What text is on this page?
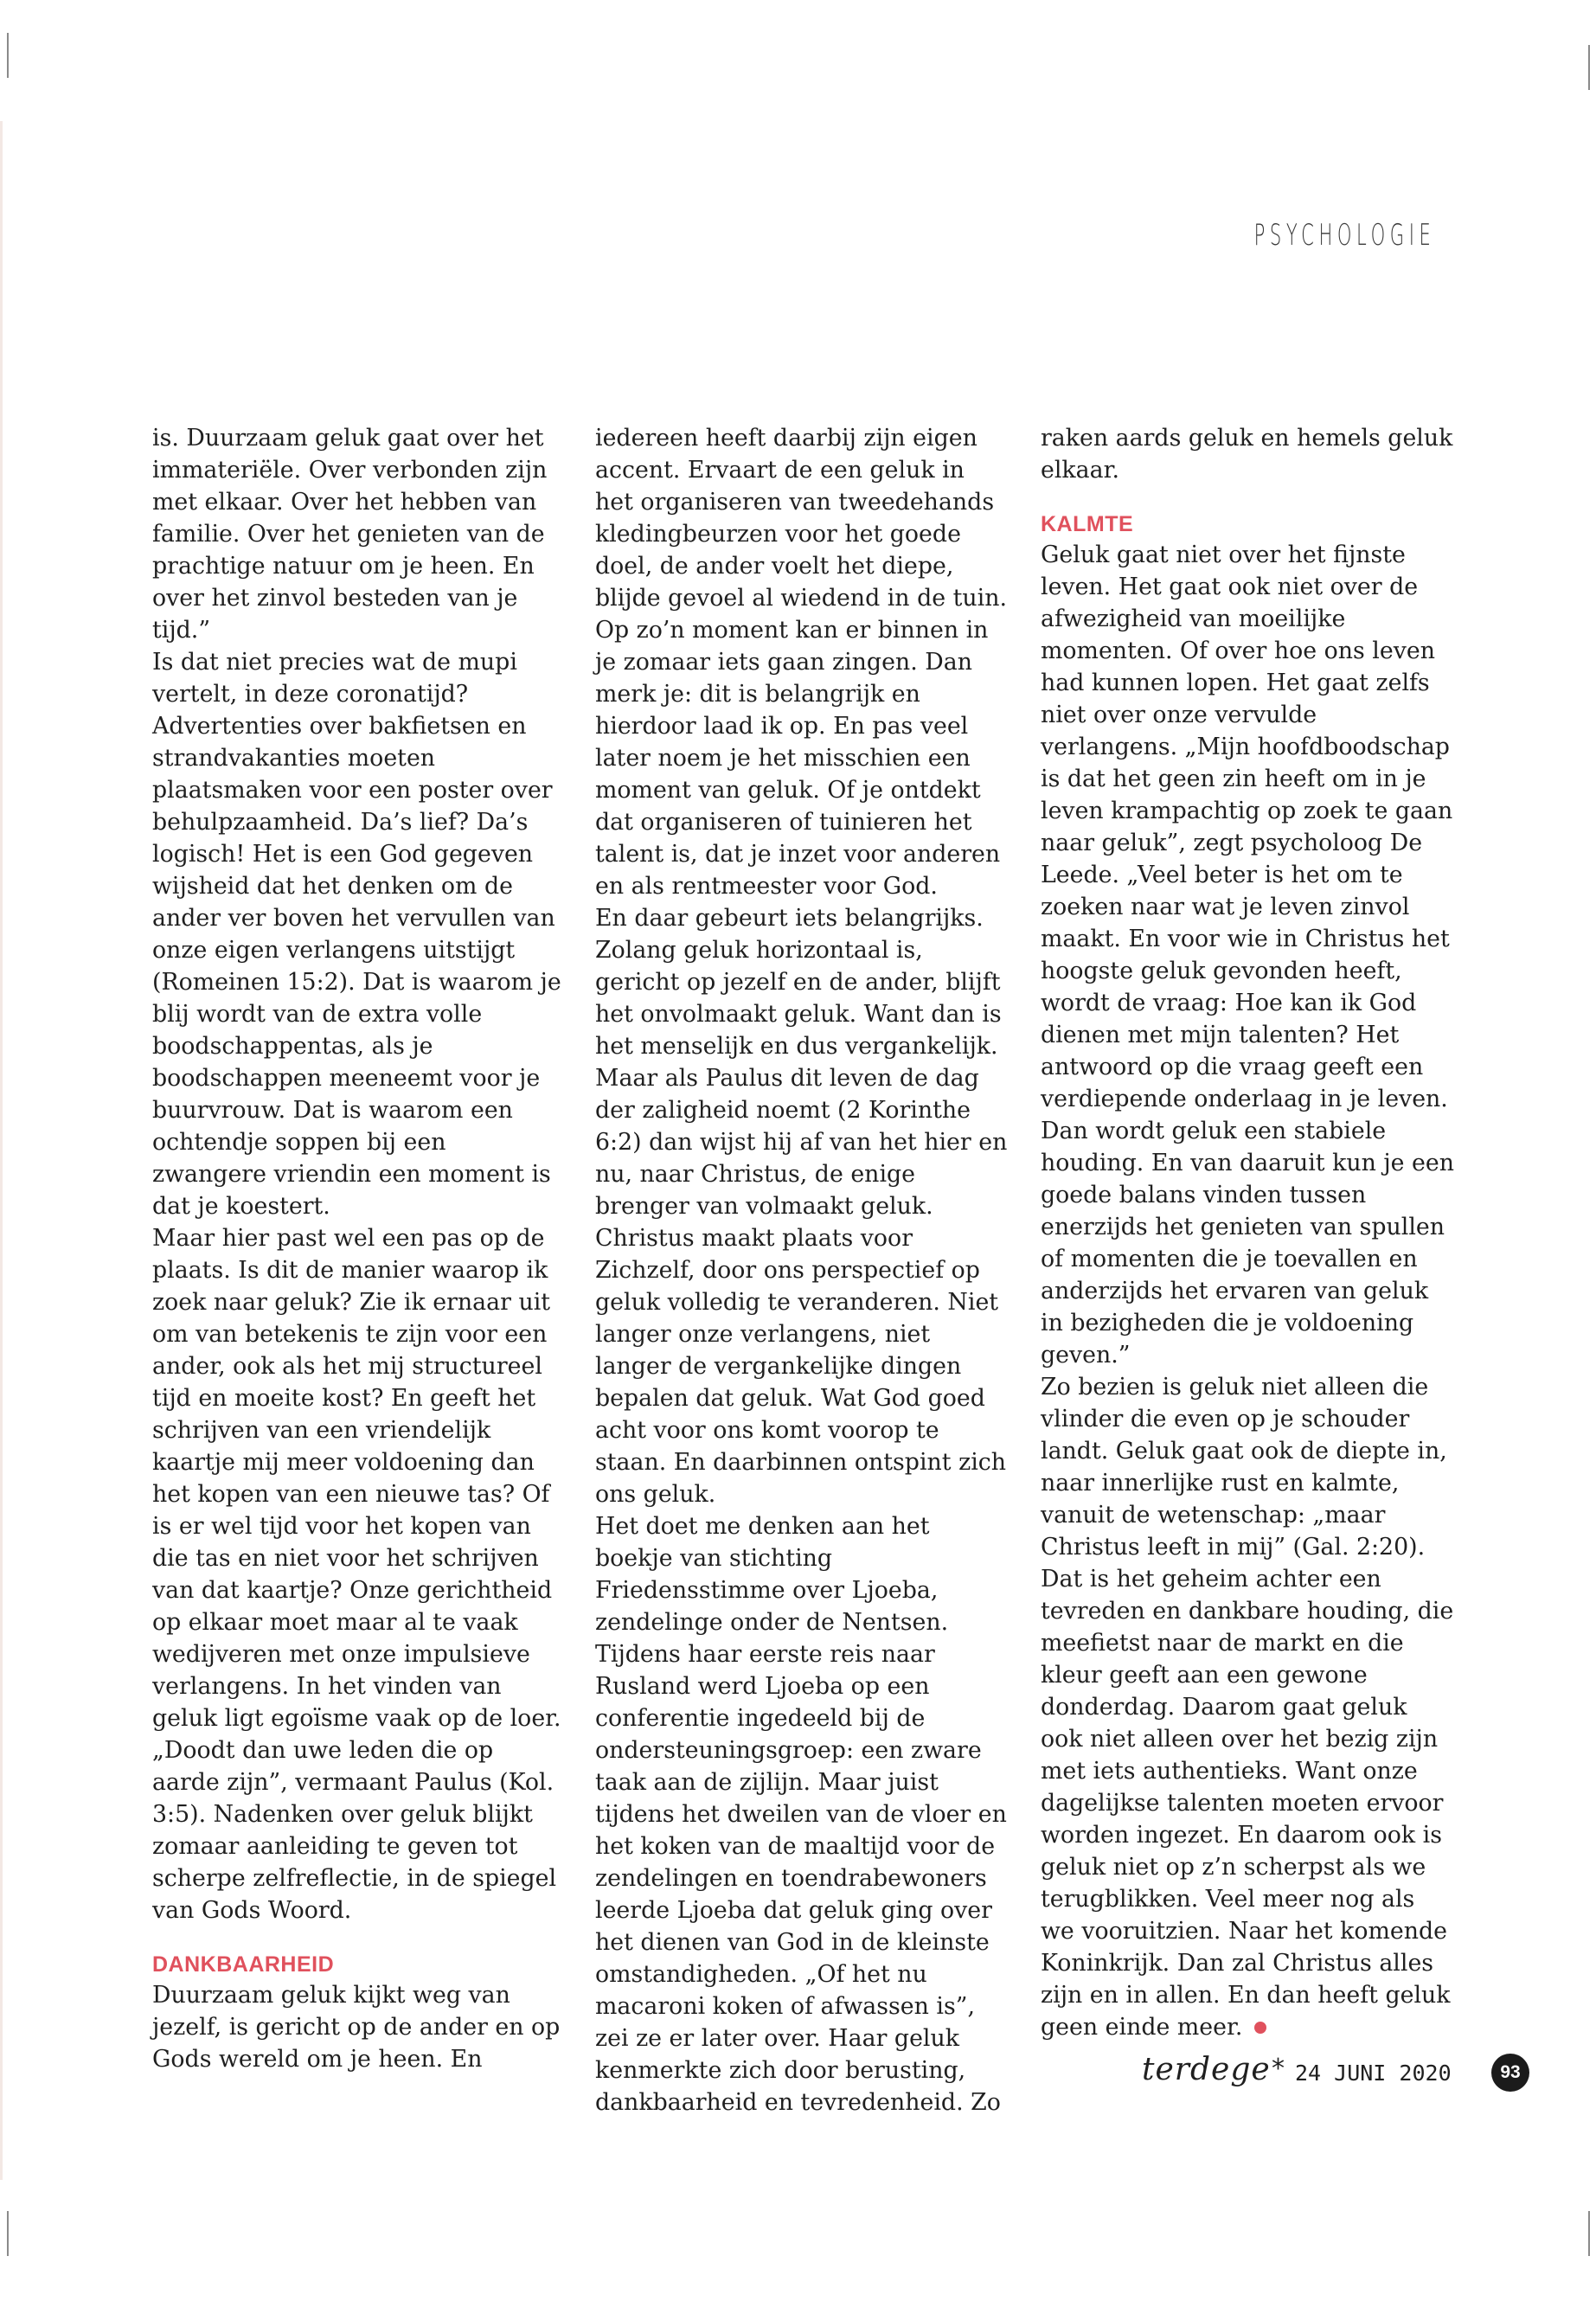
PSYCHOLOGIE

is. Duurzaam geluk gaat over het immateriële. Over verbonden zijn met elkaar. Over het hebben van familie. Over het genieten van de prachtige natuur om je heen. En over het zinvol besteden van je tijd.”

Is dat niet precies wat de mupi vertelt, in deze coronatijd? Advertenties over bakfietsen en strandvakanties moeten plaatsmaken voor een poster over behulpzaamheid. Da’s lief? Da’s logisch! Het is een God gegeven wijsheid dat het denken om de ander ver boven het vervullen van onze eigen verlangens uitstijgt (Romeinen 15:2). Dat is waarom je blij wordt van de extra volle boodschappentas, als je boodschappen meeneemt voor je buurvrouw. Dat is waarom een ochtendje soppen bij een zwangere vriendin een moment is dat je koestert.

Maar hier past wel een pas op de plaats. Is dit de manier waarop ik zoek naar geluk? Zie ik ernaar uit om van betekenis te zijn voor een ander, ook als het mij structureel tijd en moeite kost? En geeft het schrijven van een vriendelijk kaartje mij meer voldoening dan het kopen van een nieuwe tas? Of is er wel tijd voor het kopen van die tas en niet voor het schrijven van dat kaartje? Onze gerichtheid op elkaar moet maar al te vaak wedijveren met onze impulsieve verlangens. In het vinden van geluk ligt egoïsme vaak op de loer. „Doodt dan uwe leden die op aarde zijn”, vermaant Paulus (Kol. 3:5). Nadenken over geluk blijkt zomaar aanleiding te geven tot scherpe zelfreflectie, in de spiegel van Gods Woord.

DANKBAARHEID

Duurzaam geluk kijkt weg van jezelf, is gericht op de ander en op Gods wereld om je heen. En

iedereen heeft daarbij zijn eigen accent. Ervaart de een geluk in het organiseren van tweedehands kledingbeurzen voor het goede doel, de ander voelt het diepe, blijde gevoel al wiedend in de tuin. Op zo’n moment kan er binnen in je zomaar iets gaan zingen. Dan merk je: dit is belangrijk en hierdoor laad ik op. En pas veel later noem je het misschien een moment van geluk. Of je ontdekt dat organiseren of tuinieren het talent is, dat je inzet voor anderen en als rentmeester voor God.

En daar gebeurt iets belangrijks. Zolang geluk horizontaal is, gericht op jezelf en de ander, blijft het onvolmaakt geluk. Want dan is het menselijk en dus vergankelijk. Maar als Paulus dit leven de dag der zaligheid noemt (2 Korinthe 6:2) dan wijst hij af van het hier en nu, naar Christus, de enige brenger van volmaakt geluk. Christus maakt plaats voor Zichzelf, door ons perspectief op geluk volledig te veranderen. Niet langer onze verlangens, niet langer de vergankelijke dingen bepalen dat geluk. Wat God goed acht voor ons komt voorop te staan. En daarbinnen ontspint zich ons geluk.

Het doet me denken aan het boekje van stichting Friedensstimme over Ljoeba, zendelinge onder de Nentsen. Tijdens haar eerste reis naar Rusland werd Ljoeba op een conferentie ingedeeld bij de ondersteuningsgroep: een zware taak aan de zijlijn. Maar juist tijdens het dweilen van de vloer en het koken van de maaltijd voor de zendelingen en toendrabewoners leerde Ljoeba dat geluk ging over het dienen van God in de kleinste omstandigheden. „Of het nu macaroni koken of afwassen is”, zei ze er later over. Haar geluk kenmerkte zich door berusting, dankbaarheid en tevredenheid. Zo

raken aards geluk en hemels geluk elkaar.

KALMTE

Geluk gaat niet over het fijnste leven. Het gaat ook niet over de afwezigheid van moeilijke momenten. Of over hoe ons leven had kunnen lopen. Het gaat zelfs niet over onze vervulde verlangens. „Mijn hoofdboodschap is dat het geen zin heeft om in je leven krampachtig op zoek te gaan naar geluk”, zegt psycholoog De Leede. „Veel beter is het om te zoeken naar wat je leven zinvol maakt. En voor wie in Christus het hoogste geluk gevonden heeft, wordt de vraag: Hoe kan ik God dienen met mijn talenten? Het antwoord op die vraag geeft een verdiepende onderlaag in je leven. Dan wordt geluk een stabiele houding. En van daaruit kun je een goede balans vinden tussen enerzijds het genieten van spullen of momenten die je toevallen en anderzijds het ervaren van geluk in bezigheden die je voldoening geven.”

Zo bezien is geluk niet alleen die vlinder die even op je schouder landt. Geluk gaat ook de diepte in, naar innerlijke rust en kalmte, vanuit de wetenschap: „maar Christus leeft in mij” (Gal. 2:20). Dat is het geheim achter een tevreden en dankbare houding, die meefietst naar de markt en die kleur geeft aan een gewone donderdag. Daarom gaat geluk ook niet alleen over het bezig zijn met iets authentieks. Want onze dagelijkse talenten moeten ervoor worden ingezet. En daarom ook is geluk niet op z’n scherpst als we terugblikken. Veel meer nog als we vooruitzien. Naar het komende Koninkrijk. Dan zal Christus alles zijn en in allen. En dan heeft geluk geen einde meer.

terdege * 24 JUNI 2020	93
